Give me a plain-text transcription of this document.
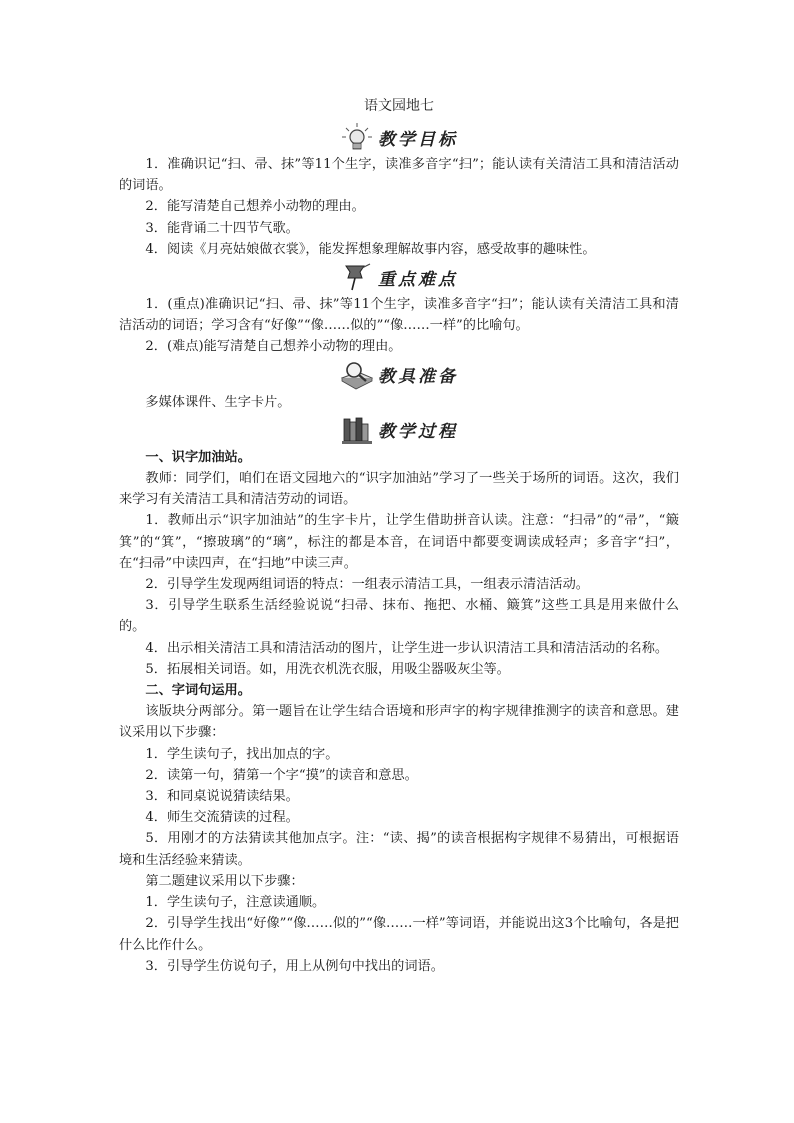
语文园地七
教学目标

1．准确识记“扫、帚、抹”等11个生字，读准多音字“扫”；能认读有关清洁工具和清洁活动的词语。

2．能写清楚自己想养小动物的理由。

3．能背诵二十四节气歌。

4．阅读《月亮姑娘做衣裳》，能发挥想象理解故事内容，感受故事的趣味性。

重点难点

1．(重点)准确识记“扫、帚、抹”等11个生字，读准多音字“扫”；能认读有关清洁工具和清洁活动的词语；学习含有“好像”“像……似的”“像……一样”的比喻句。

2．(难点)能写清楚自己想养小动物的理由。

教具准备

多媒体课件、生字卡片。

教学过程

一、识字加油站。

教师：同学们，咱们在语文园地六的“识字加油站”学习了一些关于场所的词语。这次，我们来学习有关清洁工具和清洁劳动的词语。

1．教师出示“识字加油站”的生字卡片，让学生借助拼音认读。注意：“扫帚”的“帚”，“簸箕”的“箕”，“擦玻璃”的“璃”，标注的都是本音，在词语中都要变调读成轻声；多音字“扫”，在“扫帚”中读四声，在“扫地”中读三声。

2．引导学生发现两组词语的特点：一组表示清洁工具，一组表示清洁活动。

3．引导学生联系生活经验说说“扫帚、抹布、拖把、水桶、簸箕”这些工具是用来做什么的。

4．出示相关清洁工具和清洁活动的图片，让学生进一步认识清洁工具和清洁活动的名称。

5．拓展相关词语。如，用洗衣机洗衣服，用吸尘器吸灰尘等。

二、字词句运用。

该版块分两部分。第一题旨在让学生结合语境和形声字的构字规律推测字的读音和意思。建议采用以下步骤：

1．学生读句子，找出加点的字。

2．读第一句，猜第一个字“摸”的读音和意思。

3．和同桌说说猜读结果。

4．师生交流猜读的过程。

5．用刚才的方法猜读其他加点字。注：“读、揭”的读音根据构字规律不易猜出，可根据语境和生活经验来猜读。

第二题建议采用以下步骤：

1．学生读句子，注意读通顺。

2．引导学生找出“好像”“像……似的”“像……一样”等词语，并能说出这3个比喻句，各是把什么比作什么。

3．引导学生仿说句子，用上从例句中找出的词语。
